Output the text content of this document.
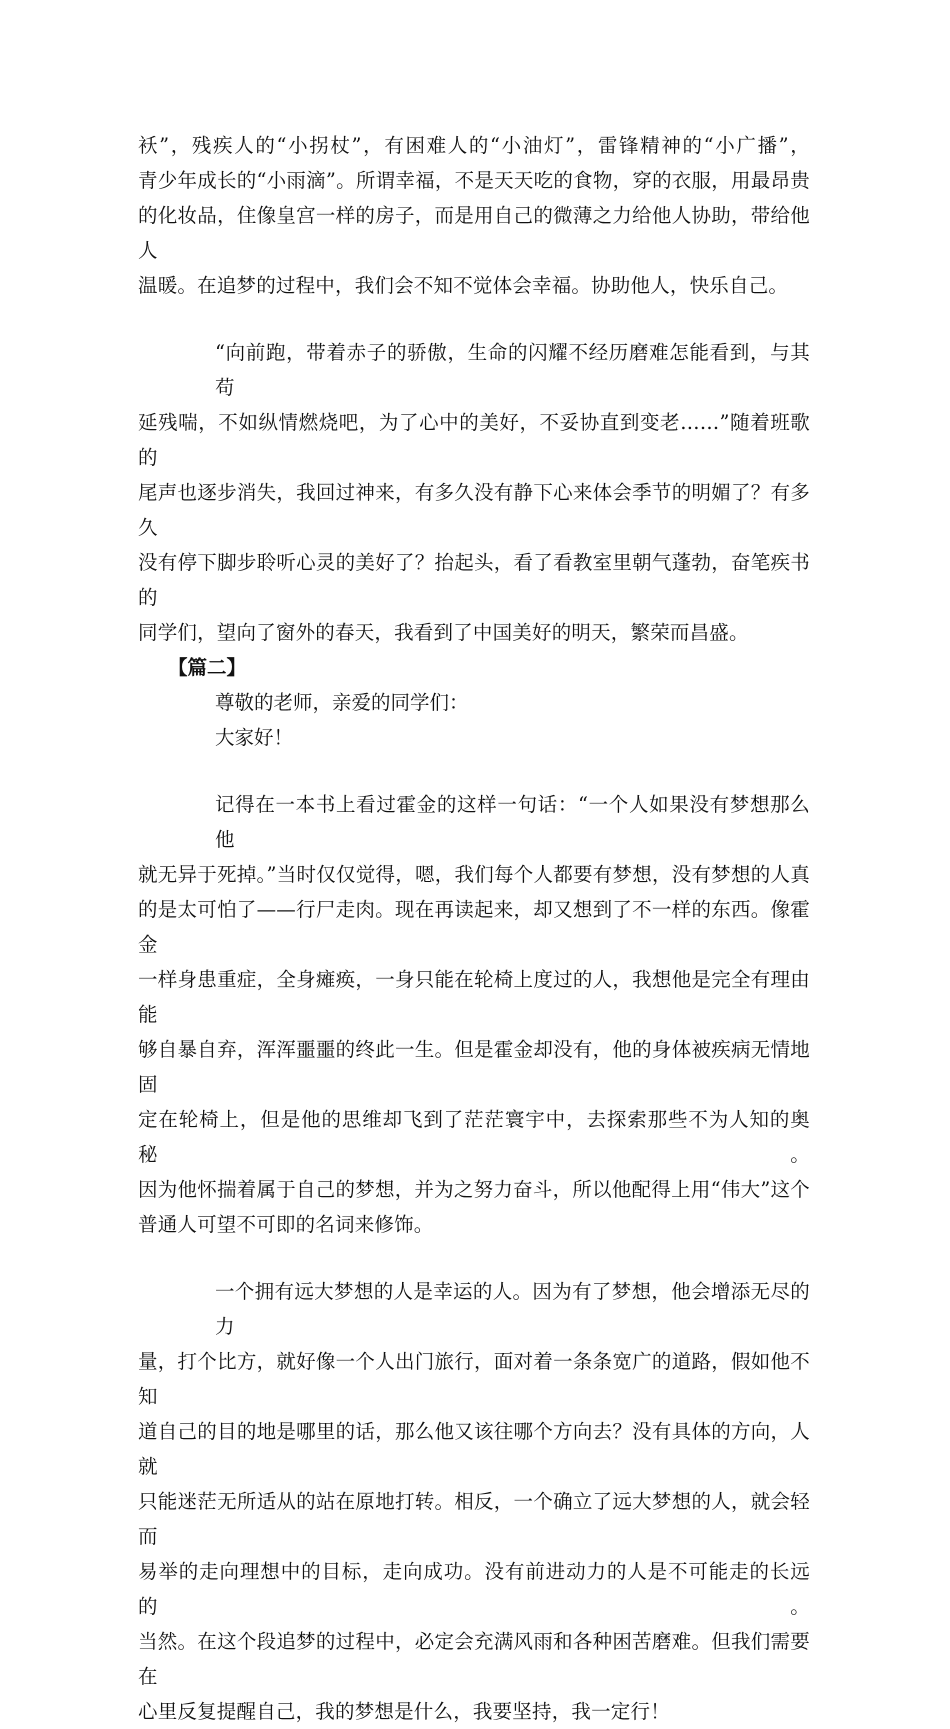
袄”，残疾人的“小拐杖”，有困难人的“小油灯”，雷锋精神的“小广播”，
青少年成长的“小雨滴”。所谓幸福，不是天天吃的食物，穿的衣服，用最昂贵
的化妆品，住像皇宫一样的房子，而是用自己的微薄之力给他人协助，带给他人
温暖。在追梦的过程中，我们会不知不觉体会幸福。协助他人，快乐自己。

“向前跑，带着赤子的骄傲，生命的闪耀不经历磨难怎能看到，与其苟
延残喘，不如纵情燃烧吧，为了心中的美好，不妥协直到变老……”随着班歌的
尾声也逐步消失，我回过神来，有多久没有静下心来体会季节的明媚了？有多久
没有停下脚步聆听心灵的美好了？抬起头，看了看教室里朝气蓬勃，奋笔疾书的
同学们，望向了窗外的春天，我看到了中国美好的明天，繁荣而昌盛。

【篇二】

尊敬的老师，亲爱的同学们：

大家好！

记得在一本书上看过霍金的这样一句话：“一个人如果没有梦想那么他
就无异于死掉。”当时仅仅觉得，嗯，我们每个人都要有梦想，没有梦想的人真
的是太可怕了——行尸走肉。现在再读起来，却又想到了不一样的东西。像霍金
一样身患重症，全身瘫痪，一身只能在轮椅上度过的人，我想他是完全有理由能
够自暴自弃，浑浑噩噩的终此一生。但是霍金却没有，他的身体被疾病无情地固
定在轮椅上，但是他的思维却飞到了茫茫寰宇中，去探索那些不为人知的奥秘。
因为他怀揣着属于自己的梦想，并为之努力奋斗，所以他配得上用“伟大”这个
普通人可望不可即的名词来修饰。

一个拥有远大梦想的人是幸运的人。因为有了梦想，他会增添无尽的力
量，打个比方，就好像一个人出门旅行，面对着一条条宽广的道路，假如他不知
道自己的目的地是哪里的话，那么他又该往哪个方向去？没有具体的方向，人就
只能迷茫无所适从的站在原地打转。相反，一个确立了远大梦想的人，就会轻而
易举的走向理想中的目标，走向成功。没有前进动力的人是不可能走的长远的。
当然。在这个段追梦的过程中，必定会充满风雨和各种困苦磨难。但我们需要在
心里反复提醒自己，我的梦想是什么，我要坚持，我一定行！
